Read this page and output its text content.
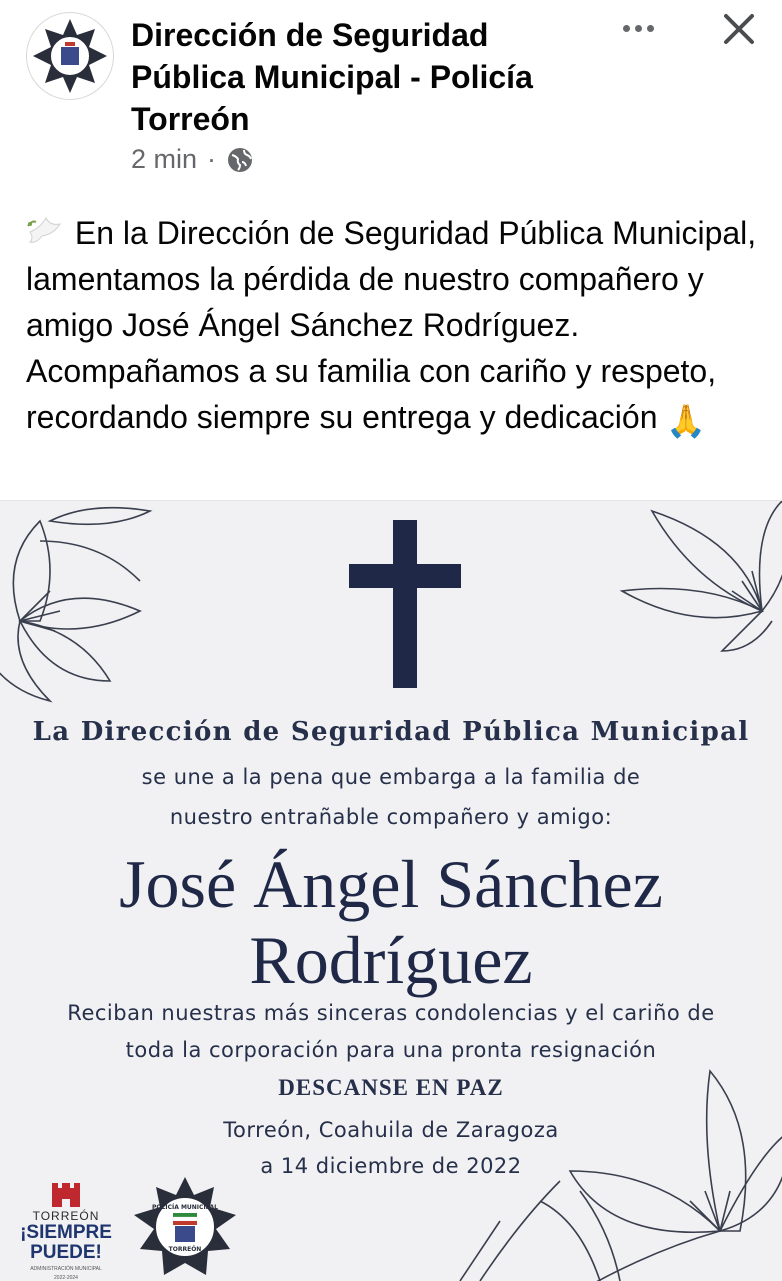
Dirección de Seguridad Pública Municipal - Policía Torreón
2 min ·
En la Dirección de Seguridad Pública Municipal, lamentamos la pérdida de nuestro compañero y amigo José Ángel Sánchez Rodríguez. Acompañamos a su familia con cariño y respeto, recordando siempre su entrega y dedicación 🙏
La Dirección de Seguridad Pública Municipal
se une a la pena que embarga a la familia de
nuestro entrañable compañero y amigo:
José Ángel Sánchez
Rodríguez
Reciban nuestras más sinceras condolencias y el cariño de
toda la corporación para una pronta resignación
DESCANSE EN PAZ
Torreón, Coahuila de Zaragoza
a 14 diciembre de 2022
TORREÓN
¡SIEMPRE
PUEDE!
ADMINISTRACIÓN MUNICIPAL
2022-2024
POLICÍA MUNICIPAL
TORREÓN
